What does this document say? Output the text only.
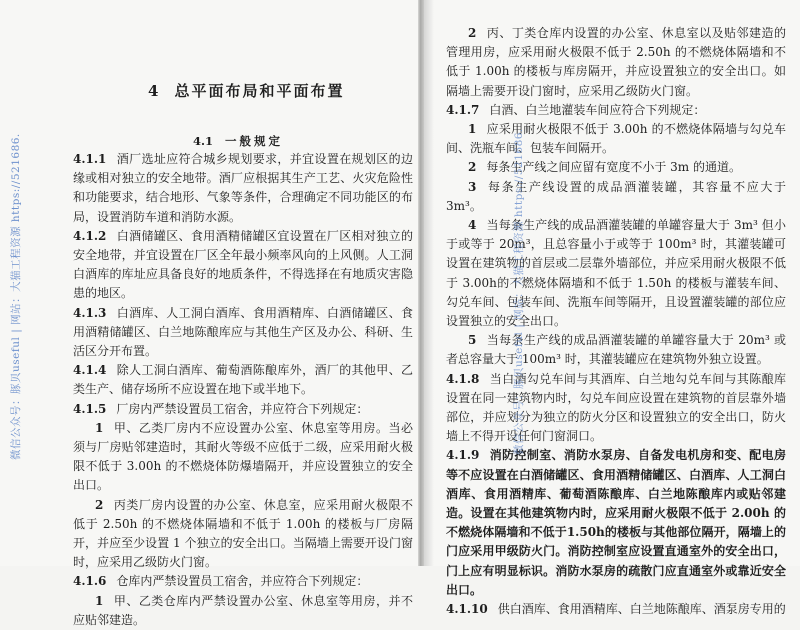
4 总平面布局和平面布置
4.1 一般规定

4.1.1 酒厂选址应符合城乡规划要求，并宜设置在规划区的边缘或相对独立的安全地带。酒厂应根据其生产工艺、火灾危险性和功能要求，结合地形、气象等条件，合理确定不同功能区的布局，设置消防车道和消防水源。

4.1.2 白酒储罐区、食用酒精储罐区宜设置在厂区相对独立的安全地带，并宜设置在厂区全年最小频率风向的上风侧。人工洞白酒库的库址应具备良好的地质条件，不得选择在有地质灾害隐患的地区。

4.1.3 白酒库、人工洞白酒库、食用酒精库、白酒储罐区、食用酒精储罐区、白兰地陈酿库应与其他生产区及办公、科研、生活区分开布置。

4.1.4 除人工洞白酒库、葡萄酒陈酿库外，酒厂的其他甲、乙类生产、储存场所不应设置在地下或半地下。

4.1.5 厂房内严禁设置员工宿舍，并应符合下列规定：

1 甲、乙类厂房内不应设置办公室、休息室等用房。当必须与厂房贴邻建造时，其耐火等级不应低于二级，应采用耐火极限不低于 3.00h 的不燃烧体防爆墙隔开，并应设置独立的安全出口。

2 丙类厂房内设置的办公室、休息室，应采用耐火极限不低于 2.50h 的不燃烧体隔墙和不低于 1.00h 的楼板与厂房隔开，并应至少设置 1 个独立的安全出口。当隔墙上需要开设门窗时，应采用乙级防火门窗。

4.1.6 仓库内严禁设置员工宿舍，并应符合下列规定：

1 甲、乙类仓库内严禁设置办公室、休息室等用房，并不应贴邻建造。

2 丙、丁类仓库内设置的办公室、休息室以及贴邻建造的管理用房，应采用耐火极限不低于 2.50h 的不燃烧体隔墙和不低于 1.00h 的楼板与库房隔开，并应设置独立的安全出口。如隔墙上需要开设门窗时，应采用乙级防火门窗。

4.1.7 白酒、白兰地灌装车间应符合下列规定：

1 应采用耐火极限不低于 3.00h 的不燃烧体隔墙与勾兑车间、洗瓶车间、包装车间隔开。

2 每条生产线之间应留有宽度不小于 3m 的通道。

3 每条生产线设置的成品酒灌装罐，其容量不应大于 3m³。

4 当每条生产线的成品酒灌装罐的单罐容量大于 3m³ 但小于或等于 20m³，且总容量小于或等于 100m³ 时，其灌装罐可设置在建筑物的首层或二层靠外墙部位，并应采用耐火极限不低于 3.00h的不燃烧体隔墙和不低于 1.50h 的楼板与灌装车间、勾兑车间、包装车间、洗瓶车间等隔开，且设置灌装罐的部位应设置独立的安全出口。

5 当每条生产线的成品酒灌装罐的单罐容量大于 20m³ 或者总容量大于 100m³ 时，其灌装罐应在建筑物外独立设置。

4.1.8 当白酒勾兑车间与其酒库、白兰地勾兑车间与其陈酿库设置在同一建筑物内时，勾兑车间应设置在建筑物的首层靠外墙部位，并应划分为独立的防火分区和设置独立的安全出口，防火墙上不得开设任何门窗洞口。

4.1.9 消防控制室、消防水泵房、自备发电机房和变、配电房等不应设置在白酒储罐区、食用酒精储罐区、白酒库、人工洞白酒库、食用酒精库、葡萄酒陈酿库、白兰地陈酿库内或贴邻建造。设置在其他建筑物内时，应采用耐火极限不低于 2.00h 的不燃烧体隔墙和不低于1.50h的楼板与其他部位隔开，隔墙上的门应采用甲级防火门。消防控制室应设置直通室外的安全出口，门上应有明显标识。消防水泵房的疏散门应直通室外或靠近安全出口。

4.1.10 供白酒库、食用酒精库、白兰地陈酿库、酒泵房专用的

微信公众号：豚贝useful | 网站：大猫工程资源 https://521686.	微信公众号：豚贝useful | 网站：大猫工程资源 https://521686.
